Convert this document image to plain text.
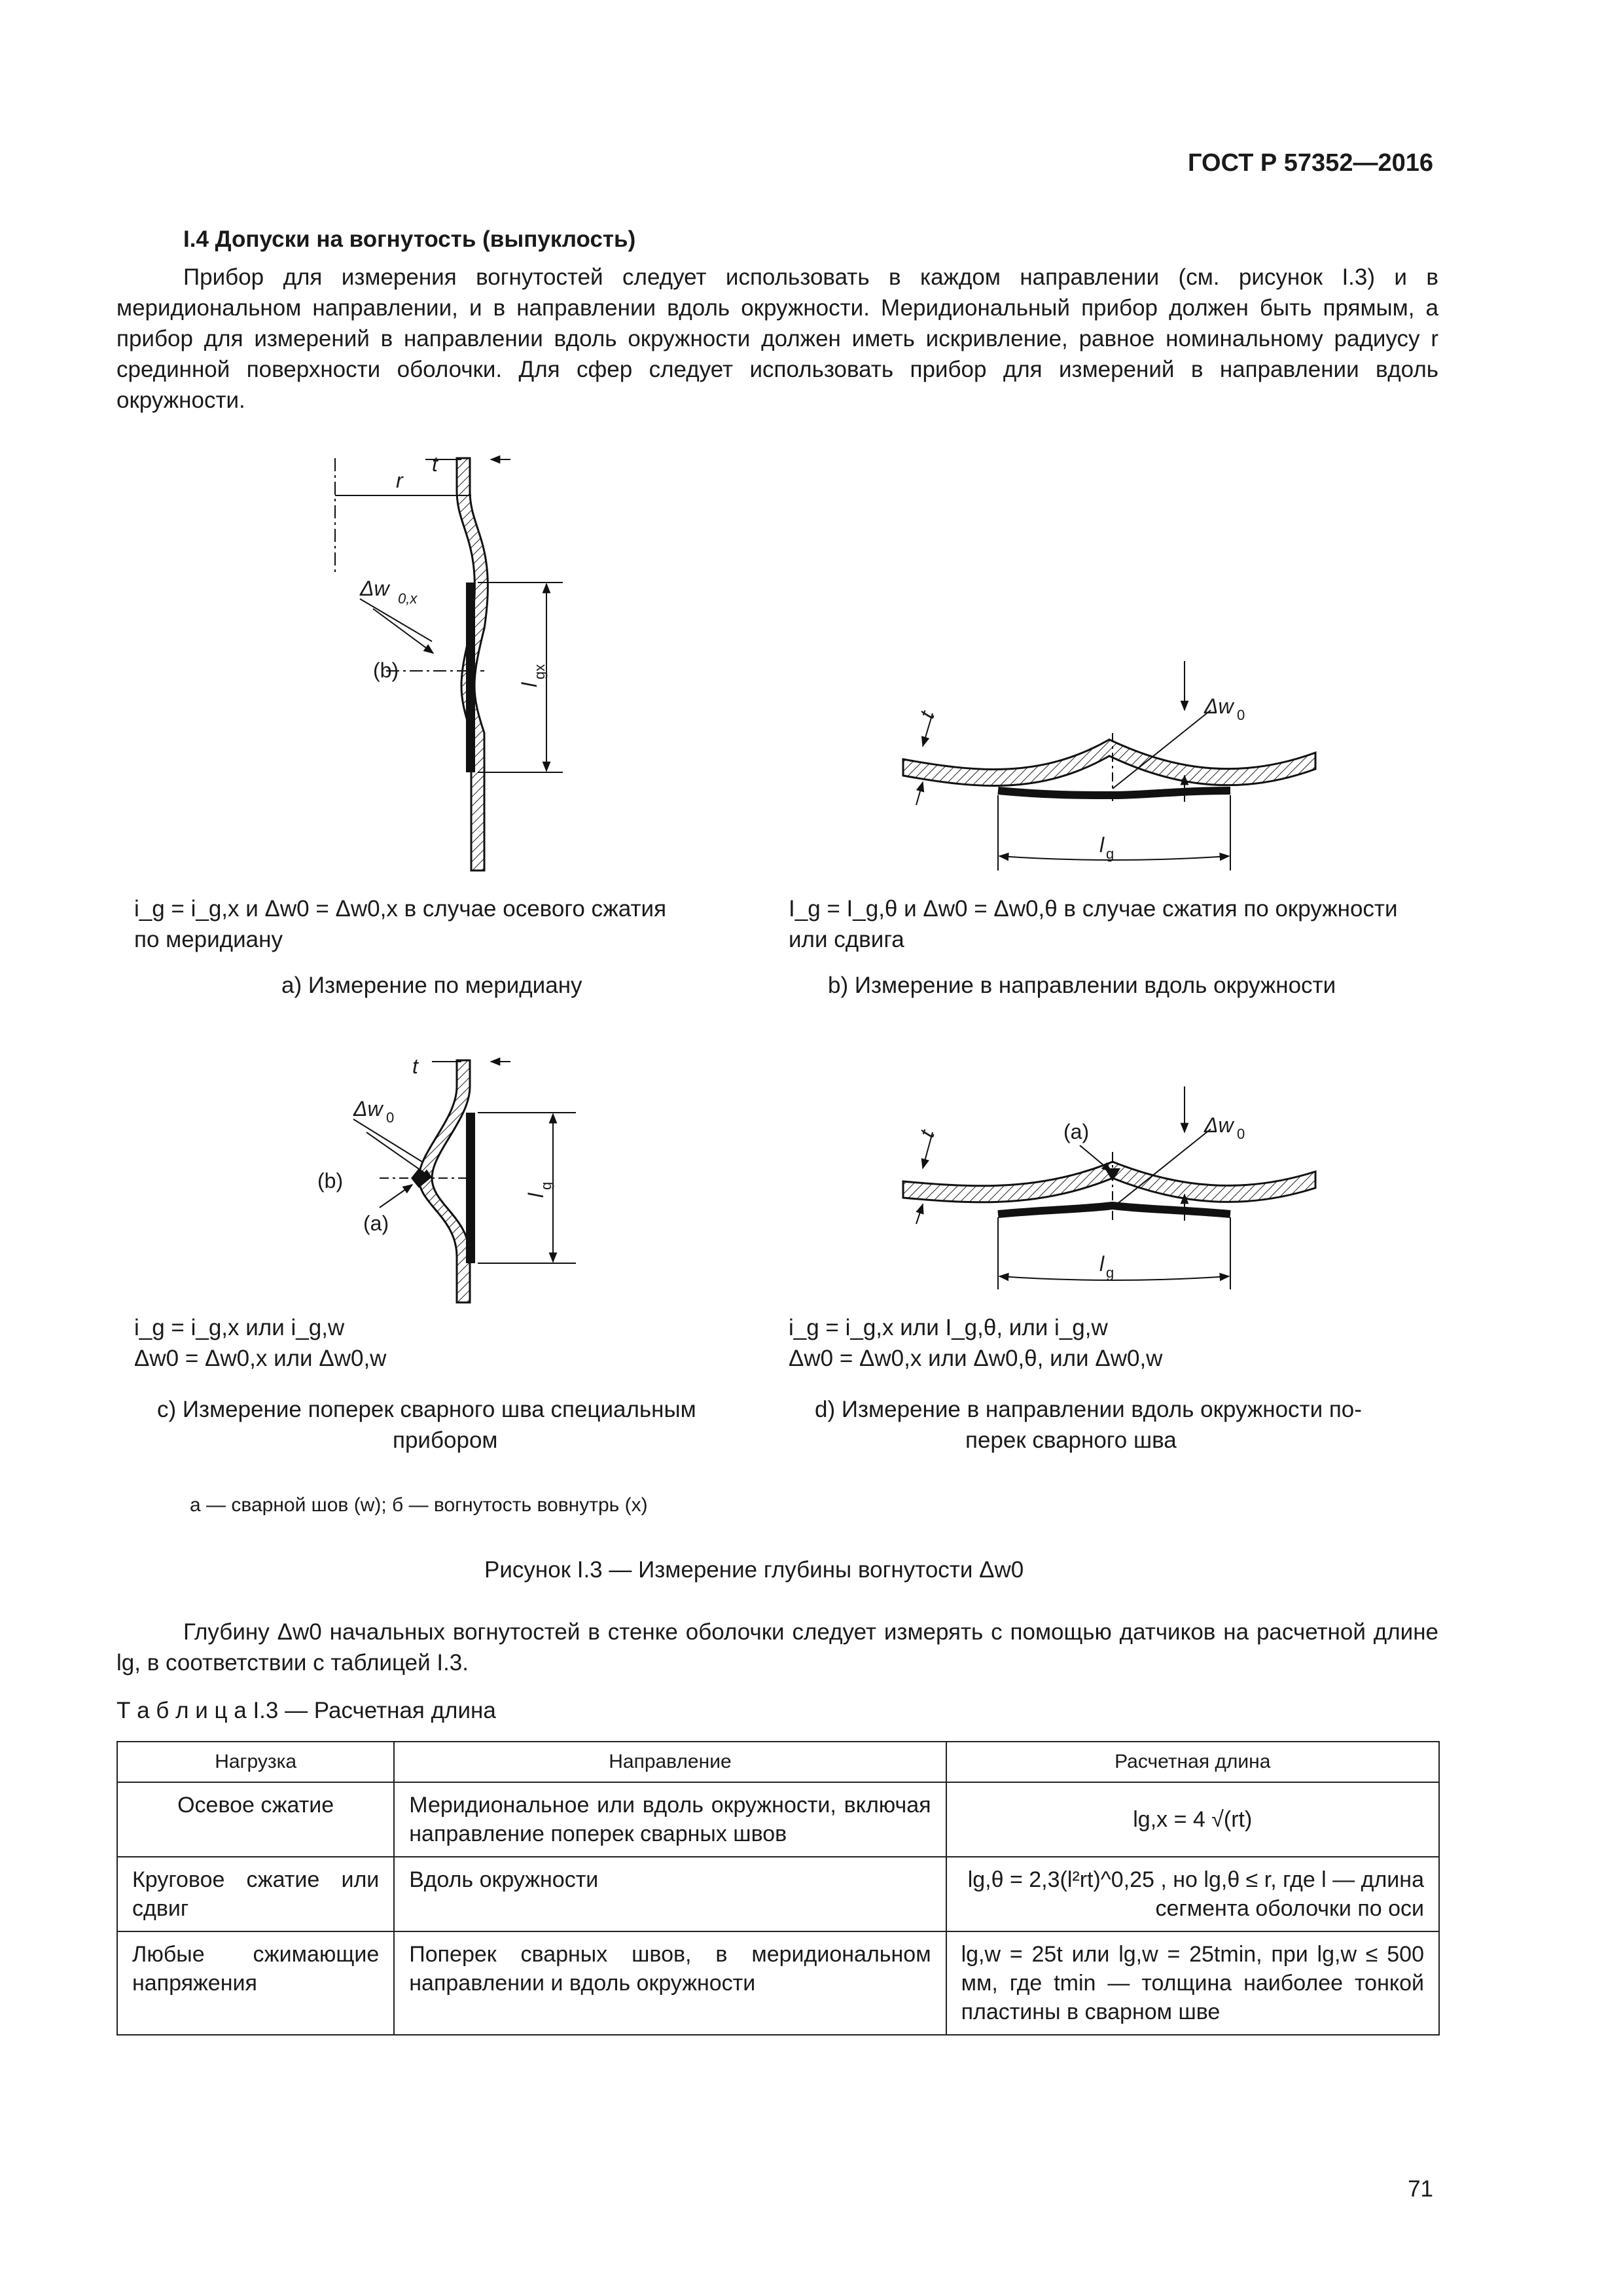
ГОСТ Р 57352—2016
I.4 Допуски на вогнутость (выпуклость)
Прибор для измерения вогнутостей следует использовать в каждом направлении (см. рисунок I.3) и в меридиональном направлении, и в направлении вдоль окружности. Меридиональный прибор должен быть прямым, а прибор для измерений в направлении вдоль окружности должен иметь искривление, равное номинальному радиусу r срединной поверхности оболочки. Для сфер следует использовать прибор для измерений в направлении вдоль окружности.
t
r
Δw 0,x
(b)
l
gx
t	Δw 0
l g
i_g = i_g,x и Δw0 = Δw0,x в случае осевого сжатия
по меридиану
а) Измерение по меридиану
I_g = I_g,θ и Δw0 = Δw0,θ в случае сжатия по окружности
или сдвига
b) Измерение в направлении вдоль окружности
t
Δw 0
(b)
(a)
l
g
t	(a)	Δw 0
l g
i_g = i_g,x или i_g,w
Δw0 = Δw0,x или Δw0,w
c) Измерение поперек сварного шва специальным
прибором
i_g = i_g,x или I_g,θ, или i_g,w
Δw0 = Δw0,x или Δw0,θ, или Δw0,w
d) Измерение в направлении вдоль окружности по-
перек сварного шва
а — сварной шов (w); б — вогнутость вовнутрь (x)
Рисунок I.3 — Измерение глубины вогнутости Δw0
Глубину Δw0 начальных вогнутостей в стенке оболочки следует измерять с помощью датчиков на расчетной длине lg, в соответствии с таблицей I.3.
Т а б л и ц а I.3 — Расчетная длина
Нагрузка	Направление	Расчетная длина
Осевое сжатие	Меридиональное или вдоль окружности, включая направление поперек сварных швов	lg,x = 4 √(rt)
Круговое сжатие или сдвиг	Вдоль окружности	lg,θ = 2,3(l²rt)^0,25 , но lg,θ ≤ r, где l — длина сегмента оболочки по оси
Любые сжимающие напряжения	Поперек сварных швов, в меридиональном направлении и вдоль окружности	lg,w = 25t или lg,w = 25tmin, при lg,w ≤ 500 мм, где tmin — толщина наиболее тонкой пластины в сварном шве
71
